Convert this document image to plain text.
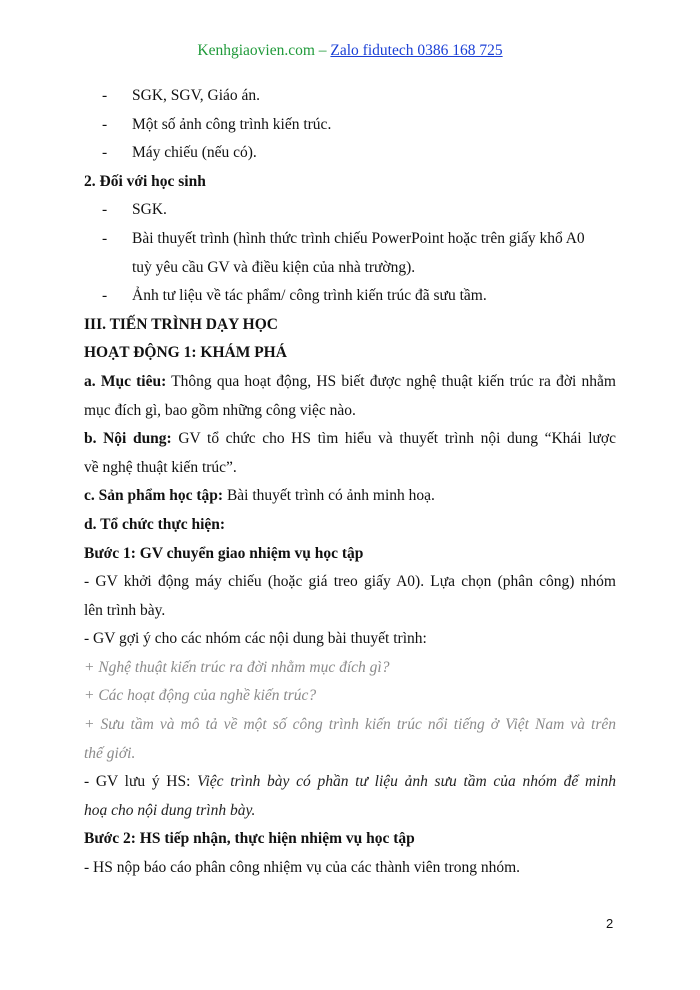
Kenhgiaovien.com – Zalo fidutech 0386 168 725
-	SGK, SGV, Giáo án.
-	Một số ảnh công trình kiến trúc.
-	Máy chiếu (nếu có).
2. Đối với học sinh
-	SGK.
-	Bài thuyết trình (hình thức trình chiếu PowerPoint hoặc trên giấy khổ A0
tuỳ yêu cầu GV và điều kiện của nhà trường).
-	Ảnh tư liệu về tác phẩm/ công trình kiến trúc đã sưu tầm.
III. TIẾN TRÌNH DẠY HỌC
HOẠT ĐỘNG 1: KHÁM PHÁ
a. Mục tiêu: Thông qua hoạt động, HS biết được nghệ thuật kiến trúc ra đời nhằm
mục đích gì, bao gồm những công việc nào.
b. Nội dung: GV tổ chức cho HS tìm hiểu và thuyết trình nội dung “Khái lược
về nghệ thuật kiến trúc”.
c. Sản phẩm học tập: Bài thuyết trình có ảnh minh hoạ.
d. Tổ chức thực hiện:
Bước 1: GV chuyển giao nhiệm vụ học tập
- GV khởi động máy chiếu (hoặc giá treo giấy A0). Lựa chọn (phân công) nhóm
lên trình bày.
- GV gợi ý cho các nhóm các nội dung bài thuyết trình:
+ Nghệ thuật kiến trúc ra đời nhằm mục đích gì?
+ Các hoạt động của nghề kiến trúc?
+ Sưu tầm và mô tả về một số công trình kiến trúc nổi tiếng ở Việt Nam và trên
thế giới.
- GV lưu ý HS: Việc trình bày có phần tư liệu ảnh sưu tầm của nhóm để minh
hoạ cho nội dung trình bày.
Bước 2: HS tiếp nhận, thực hiện nhiệm vụ học tập
- HS nộp báo cáo phân công nhiệm vụ của các thành viên trong nhóm.
2
